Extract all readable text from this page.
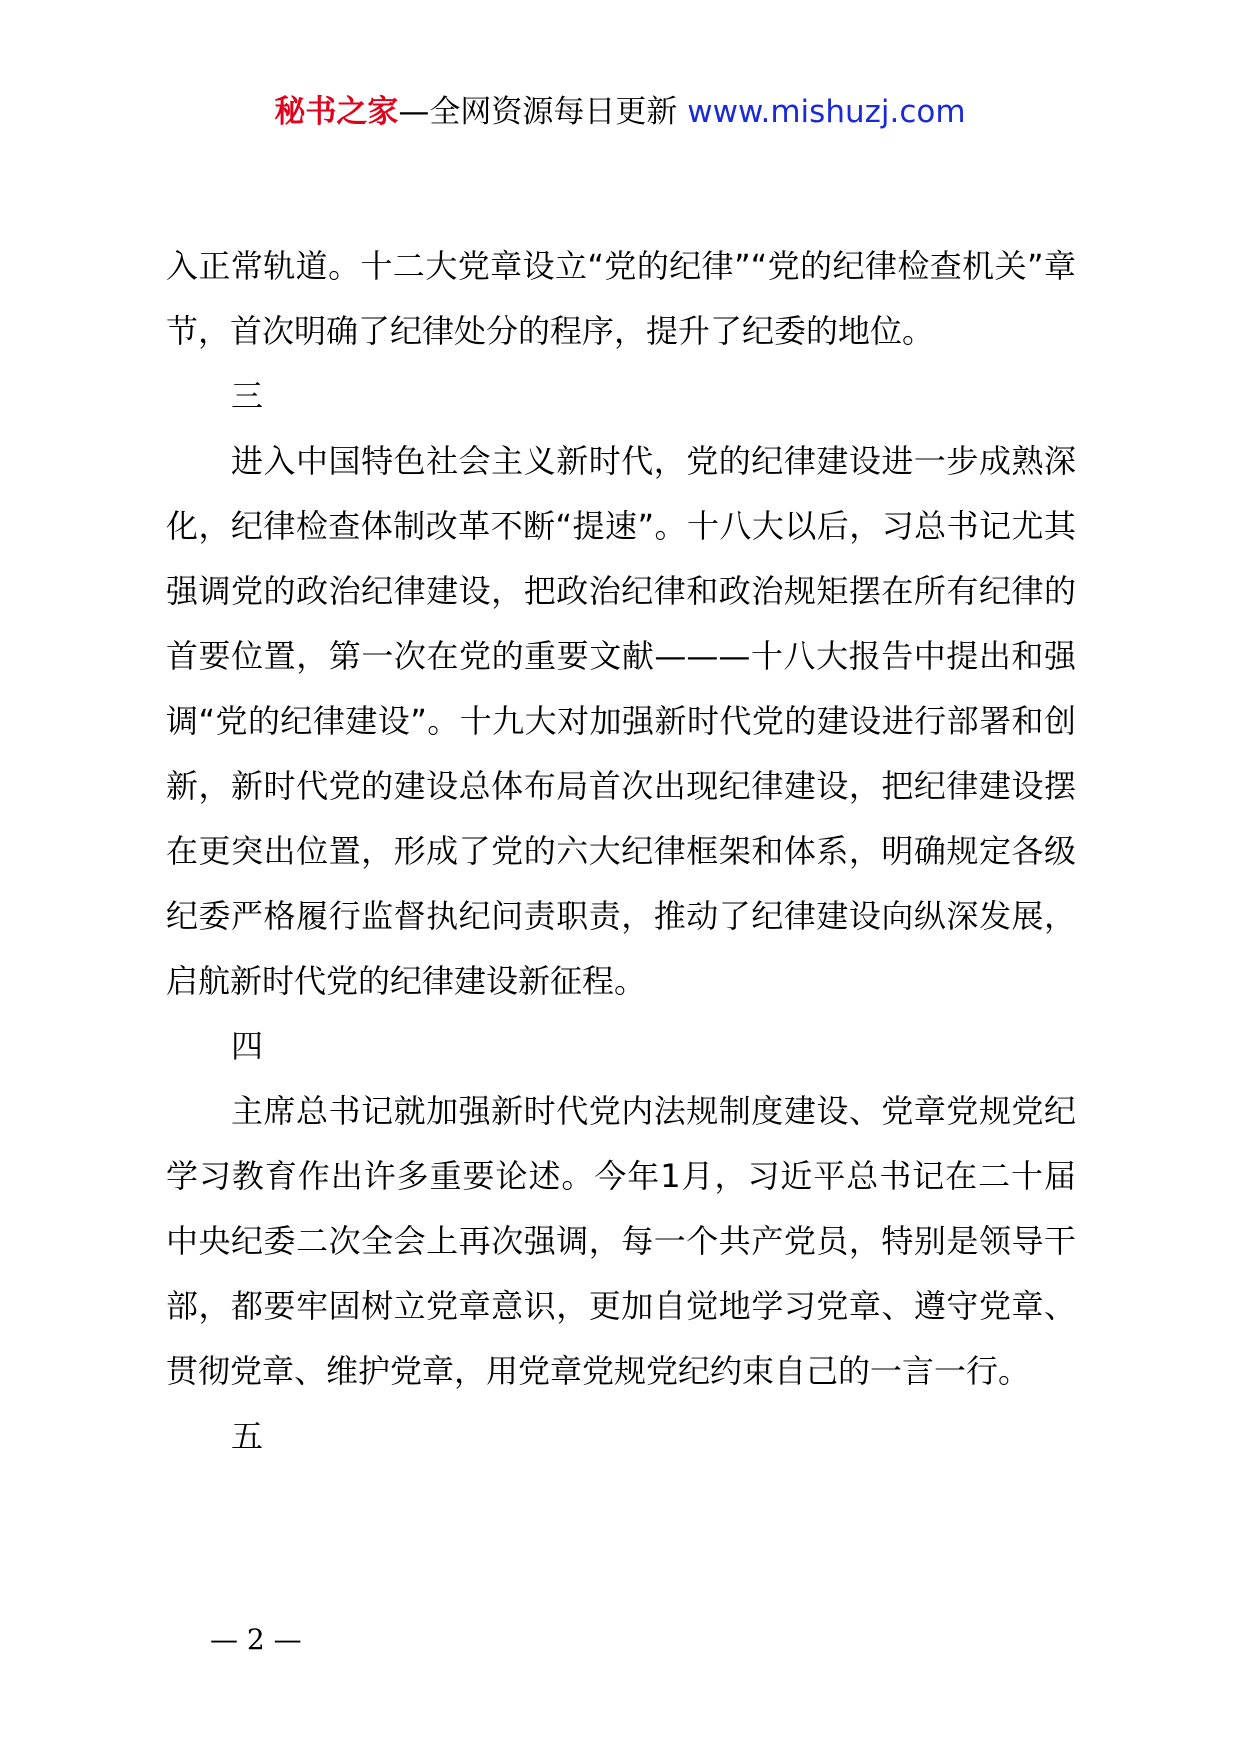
秘书之家—全网资源每日更新 www.mishuzj.com

入正常轨道。十二大党章设立“党的纪律”“党的纪律检查机关”章节，首次明确了纪律处分的程序，提升了纪委的地位。

三

进入中国特色社会主义新时代，党的纪律建设进一步成熟深化，纪律检查体制改革不断“提速”。十八大以后，习总书记尤其强调党的政治纪律建设，把政治纪律和政治规矩摆在所有纪律的首要位置，第一次在党的重要文献———十八大报告中提出和强调“党的纪律建设”。十九大对加强新时代党的建设进行部署和创新，新时代党的建设总体布局首次出现纪律建设，把纪律建设摆在更突出位置，形成了党的六大纪律框架和体系，明确规定各级纪委严格履行监督执纪问责职责，推动了纪律建设向纵深发展，启航新时代党的纪律建设新征程。

四

主席总书记就加强新时代党内法规制度建设、党章党规党纪学习教育作出许多重要论述。今年1月，习近平总书记在二十届中央纪委二次全会上再次强调，每一个共产党员，特别是领导干部，都要牢固树立党章意识，更加自觉地学习党章、遵守党章、贯彻党章、维护党章，用党章党规党纪约束自己的一言一行。

五

— 2 —
